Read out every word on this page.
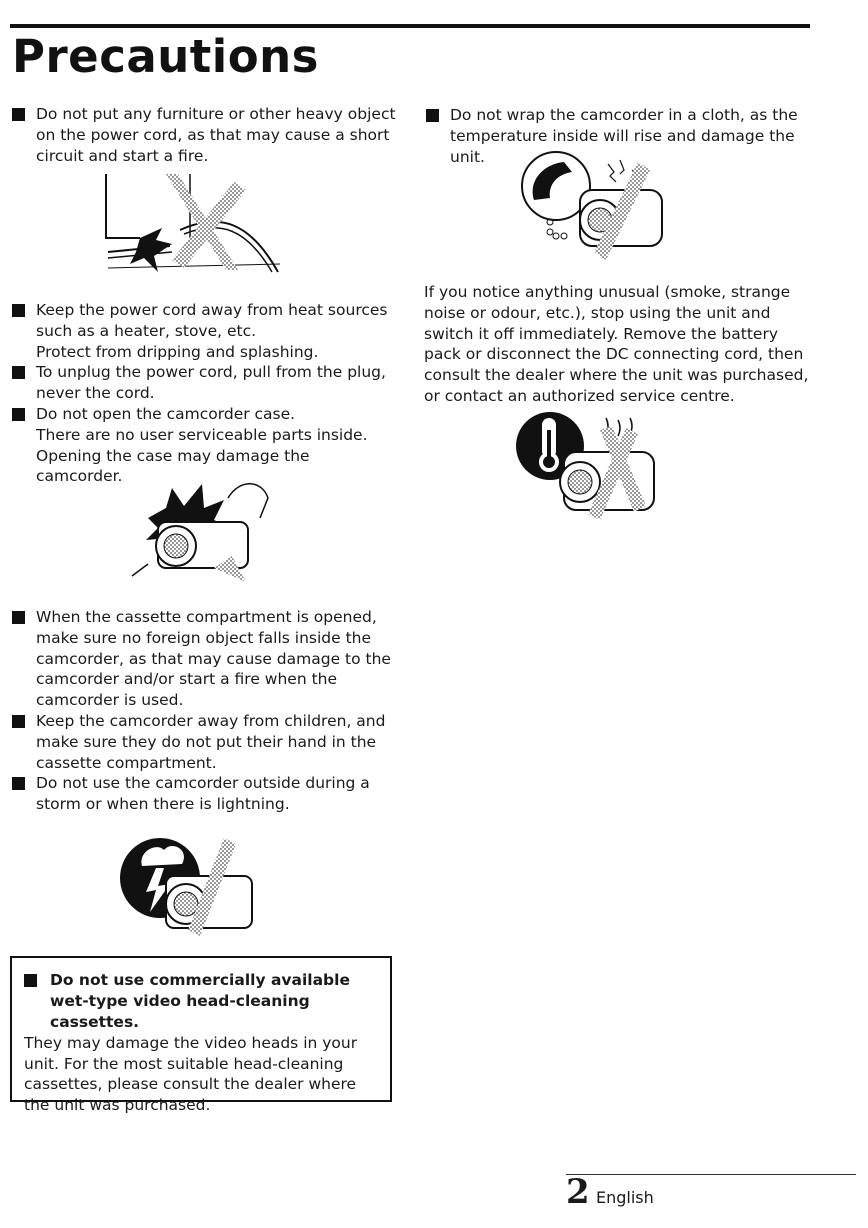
Precautions

Do not put any furniture or other heavy object on the power cord, as that may cause a short circuit and start a fire.

Keep the power cord away from heat sources such as a heater, stove, etc.

Protect from dripping and splashing.

To unplug the power cord, pull from the plug, never the cord.

Do not open the camcorder case.

There are no user serviceable parts inside.

Opening the case may damage the camcorder.

When the cassette compartment is opened, make sure no foreign object falls inside the camcorder, as that may cause damage to the camcorder and/or start a fire when the camcorder is used.

Keep the camcorder away from children, and make sure they do not put their hand in the cassette compartment.

Do not use the camcorder outside during a storm or when there is lightning.

Do not use commercially available wet-type video head-cleaning cassettes.

They may damage the video heads in your unit. For the most suitable head-cleaning cassettes, please consult the dealer where the unit was purchased.

Do not wrap the camcorder in a cloth, as the temperature inside will rise and damage the unit.

If you notice anything unusual (smoke, strange noise or odour, etc.), stop using the unit and switch it off immediately. Remove the battery pack or disconnect the DC connecting cord, then consult the dealer where the unit was purchased, or contact an authorized service centre.

2 English
